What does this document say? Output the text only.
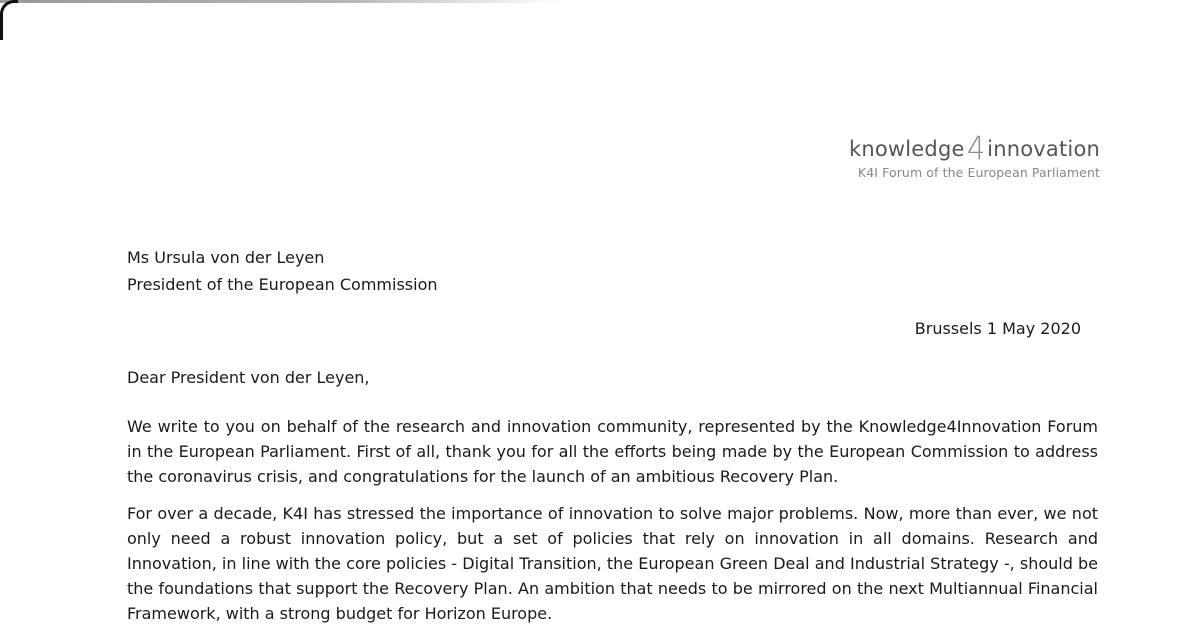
knowledge4innovation
K4I Forum of the European Parliament
Ms Ursula von der Leyen
President of the European Commission
Brussels 1 May 2020
Dear President von der Leyen,

We write to you on behalf of the research and innovation community, represented by the Knowledge4Innovation Forum in the European Parliament. First of all, thank you for all the efforts being made by the European Commission to address the coronavirus crisis, and congratulations for the launch of an ambitious Recovery Plan.

For over a decade, K4I has stressed the importance of innovation to solve major problems. Now, more than ever, we not only need a robust innovation policy, but a set of policies that rely on innovation in all domains. Research and Innovation, in line with the core policies - Digital Transition, the European Green Deal and Industrial Strategy -, should be the foundations that support the Recovery Plan. An ambition that needs to be mirrored on the next Multiannual Financial Framework, with a strong budget for Horizon Europe.
